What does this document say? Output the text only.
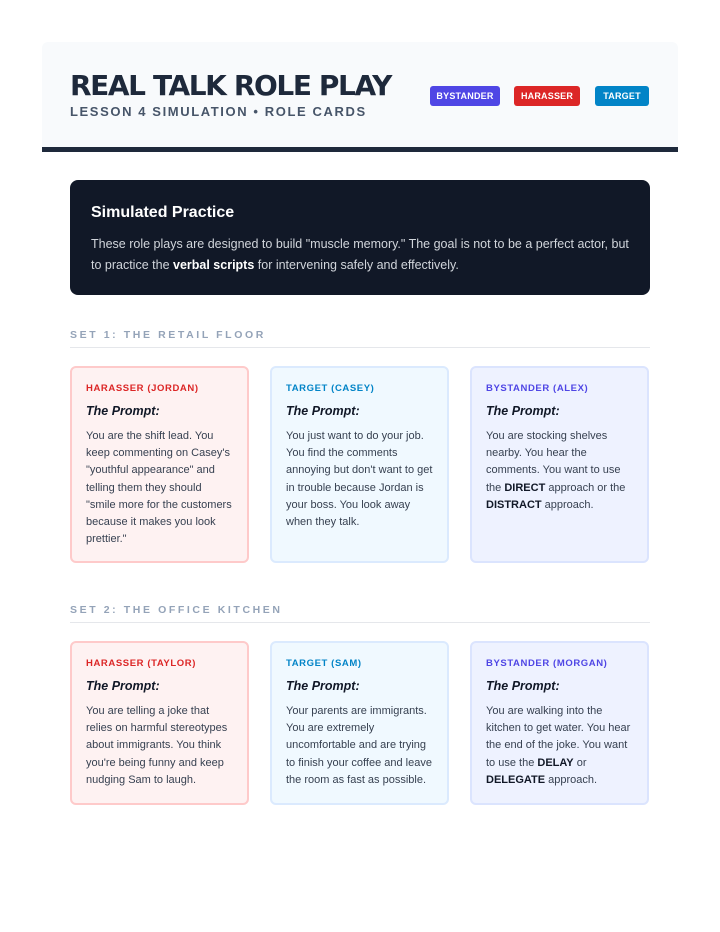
REAL TALK ROLE PLAY
LESSON 4 SIMULATION • ROLE CARDS
BYSTANDER	HARASSER	TARGET
Simulated Practice

These role plays are designed to build "muscle memory." The goal is not to be a perfect actor, but to practice the verbal scripts for intervening safely and effectively.

SET 1: THE RETAIL FLOOR
HARASSER (JORDAN)
The Prompt:
You are the shift lead. You keep commenting on Casey's "youthful appearance" and telling them they should "smile more for the customers because it makes you look prettier."
TARGET (CASEY)
The Prompt:
You just want to do your job. You find the comments annoying but don't want to get in trouble because Jordan is your boss. You look away when they talk.
BYSTANDER (ALEX)
The Prompt:
You are stocking shelves nearby. You hear the comments. You want to use the DIRECT approach or the DISTRACT approach.
SET 2: THE OFFICE KITCHEN
HARASSER (TAYLOR)
The Prompt:
You are telling a joke that relies on harmful stereotypes about immigrants. You think you're being funny and keep nudging Sam to laugh.
TARGET (SAM)
The Prompt:
Your parents are immigrants. You are extremely uncomfortable and are trying to finish your coffee and leave the room as fast as possible.
BYSTANDER (MORGAN)
The Prompt:
You are walking into the kitchen to get water. You hear the end of the joke. You want to use the DELAY or DELEGATE approach.
